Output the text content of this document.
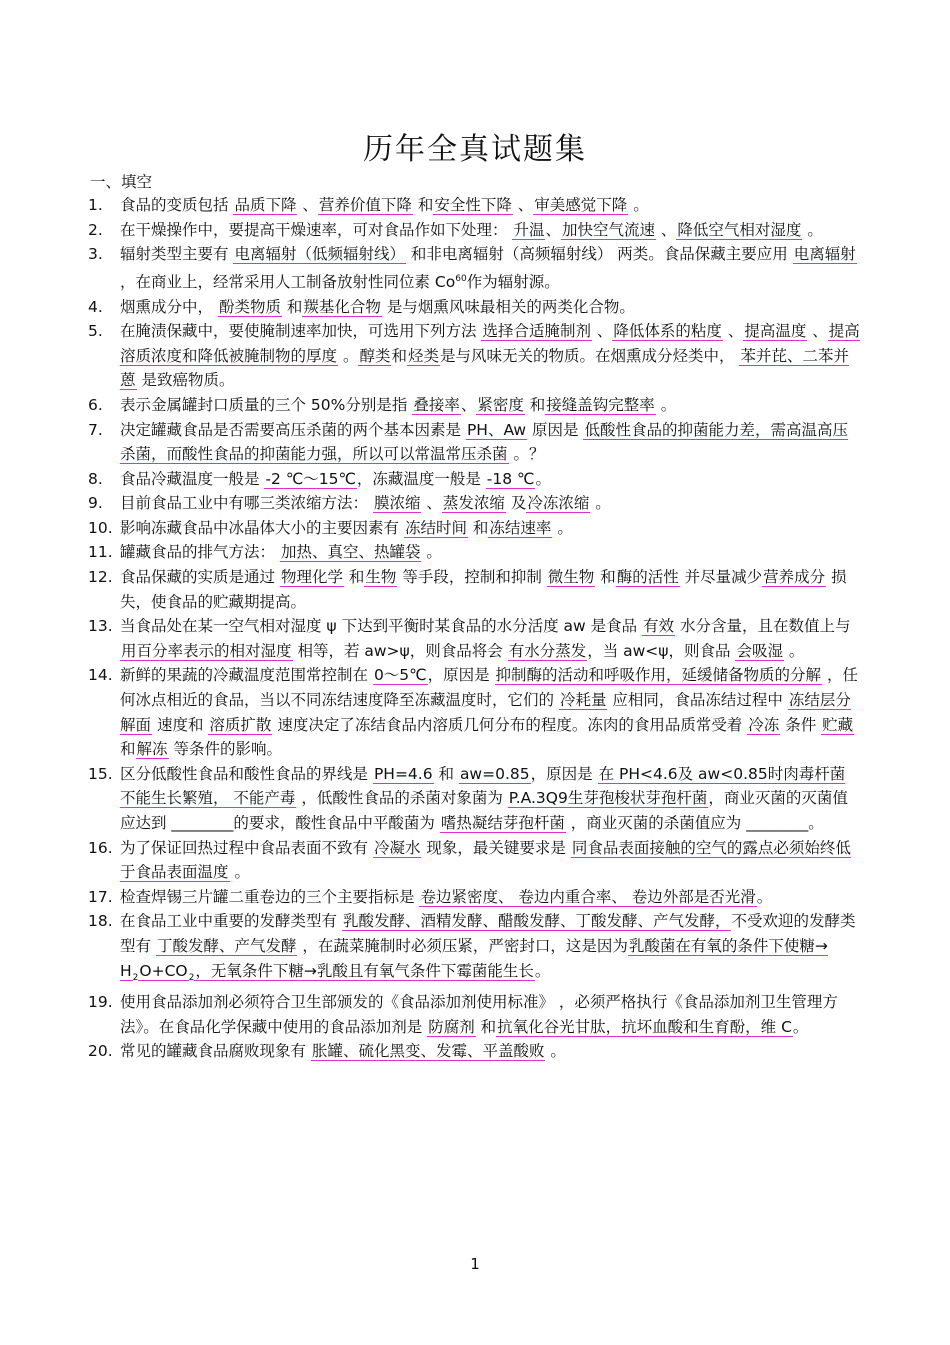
历年全真试题集
一、填空
1. 食品的变质包括 品质下降 、营养价值下降 和安全性下降 、审美感觉下降 。
2. 在干燥操作中，要提高干燥速率，可对食品作如下处理： 升温、加快空气流速 、降低空气相对湿度 。
3. 辐射类型主要有 电离辐射（低频辐射线） 和非电离辐射（高频辐射线） 两类。食品保藏主要应用 电离辐射 ，在商业上，经常采用人工制备放射性同位素 Co$^{60}$作为辐射源。
4. 烟熏成分中， 酚类物质 和羰基化合物 是与烟熏风味最相关的两类化合物。
5. 在腌渍保藏中，要使腌制速率加快，可选用下列方法 选择合适腌制剂 、降低体系的粘度 、提高温度 、提高溶质浓度和降低被腌制物的厚度 。醇类和烃类是与风味无关的物质。在烟熏成分烃类中， 苯并芘、二苯并蒽 是致癌物质。
6. 表示金属罐封口质量的三个 50%分别是指 叠接率、紧密度 和接缝盖钩完整率 。
7. 决定罐藏食品是否需要高压杀菌的两个基本因素是 PH、Aw 原因是 低酸性食品的抑菌能力差，需高温高压杀菌，而酸性食品的抑菌能力强，所以可以常温常压杀菌 。？
8. 食品冷藏温度一般是 -2 ℃～15℃，冻藏温度一般是 -18 ℃。
9. 目前食品工业中有哪三类浓缩方法： 膜浓缩 、蒸发浓缩 及冷冻浓缩 。
10. 影响冻藏食品中冰晶体大小的主要因素有 冻结时间 和冻结速率 。
11. 罐藏食品的排气方法： 加热、真空、热罐袋 。
12. 食品保藏的实质是通过 物理化学 和生物 等手段，控制和抑制 微生物 和酶的活性 并尽量减少营养成分 损失，使食品的贮藏期提高。
13. 当食品处在某一空气相对湿度 ψ 下达到平衡时某食品的水分活度 aw 是食品 有效 水分含量，且在数值上与 用百分率表示的相对湿度 相等，若 aw>ψ，则食品将会 有水分蒸发，当 aw<ψ，则食品 会吸湿 。
14. 新鲜的果蔬的冷藏温度范围常控制在 0～5℃，原因是 抑制酶的活动和呼吸作用，延缓储备物质的分解 ，任何冰点相近的食品，当以不同冻结速度降至冻藏温度时，它们的 冷耗量 应相同，食品冻结过程中 冻结层分解面 速度和 溶质扩散 速度决定了冻结食品内溶质几何分布的程度。冻肉的食用品质常受着 冷冻 条件 贮藏 和解冻 等条件的影响。
15. 区分低酸性食品和酸性食品的界线是 PH=4.6 和 aw=0.85，原因是 在 PH<4.6及 aw<0.85时肉毒杆菌不能生长繁殖， 不能产毒 ，低酸性食品的杀菌对象菌为 P.A.3Q9生芽孢梭状芽孢杆菌，商业灭菌的灭菌值应达到 ________的要求，酸性食品中平酸菌为 嗜热凝结芽孢杆菌 ，商业灭菌的杀菌值应为 ________。
16. 为了保证回热过程中食品表面不致有 冷凝水 现象，最关键要求是 同食品表面接触的空气的露点必须始终低于食品表面温度 。
17. 检查焊锡三片罐二重卷边的三个主要指标是 卷边紧密度、 卷边内重合率、 卷边外部是否光滑。
18. 在食品工业中重要的发酵类型有 乳酸发酵、酒精发酵、醋酸发酵、丁酸发酵、产气发酵，不受欢迎的发酵类型有 丁酸发酵、产气发酵 ，在蔬菜腌制时必须压紧，严密封口，这是因为乳酸菌在有氧的条件下使糖→ $H_2O+CO_2$，无氧条件下糖→乳酸且有氧气条件下霉菌能生长。
19. 使用食品添加剂必须符合卫生部颁发的《食品添加剂使用标准》 ，必须严格执行《食品添加剂卫生管理方法》。在食品化学保藏中使用的食品添加剂是 防腐剂 和抗氧化谷光甘肽，抗坏血酸和生育酚，维 C。
20. 常见的罐藏食品腐败现象有 胀罐、硫化黑变、发霉、平盖酸败 。
1
